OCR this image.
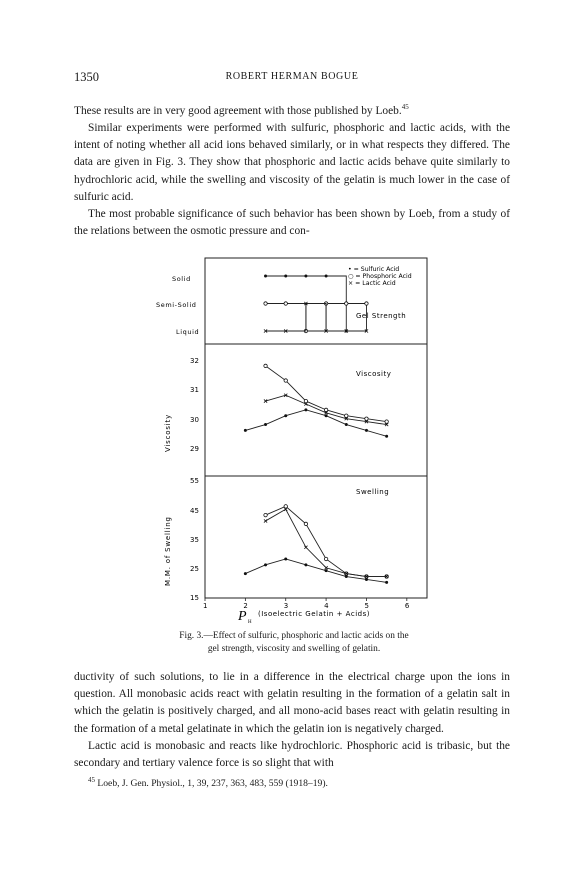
1350	ROBERT HERMAN BOGUE

These results are in very good agreement with those published by Loeb.$^{45}$

Similar experiments were performed with sulfuric, phosphoric and lactic acids, with the intent of noting whether all acid ions behaved similarly, or in what respects they differed. The data are given in Fig. 3. They show that phosphoric and lactic acids behave quite similarly to hydrochloric acid, while the swelling and viscosity of the gelatin is much lower in the case of sulfuric acid.

The most probable significance of such behavior has been shown by Loeb, from a study of the relations between the osmotic pressure and con-

Solid
Semi-Solid
Liquid
Gel Strength
• = Sulfuric Acid
○ = Phosphoric Acid
× = Lactic Acid
Viscosity
Viscosity
32
31
30
29
Swelling
M.M. of Swelling
55
45
35
25
15
1	2	3	4	5	6
P H
(Isoelectric Gelatin + Acids)
Fig. 3.—Effect of sulfuric, phosphoric and lactic acids on the
gel strength, viscosity and swelling of gelatin.

ductivity of such solutions, to lie in a difference in the electrical charge upon the ions in question. All monobasic acids react with gelatin resulting in the formation of a gelatin salt in which the gelatin is positively charged, and all mono-acid bases react with gelatin resulting in the formation of a metal gelatinate in which the gelatin ion is negatively charged.

Lactic acid is monobasic and reacts like hydrochloric. Phosphoric acid is tribasic, but the secondary and tertiary valence force is so slight that with

$^{45}$ Loeb, J. Gen. Physiol., 1, 39, 237, 363, 483, 559 (1918–19).
